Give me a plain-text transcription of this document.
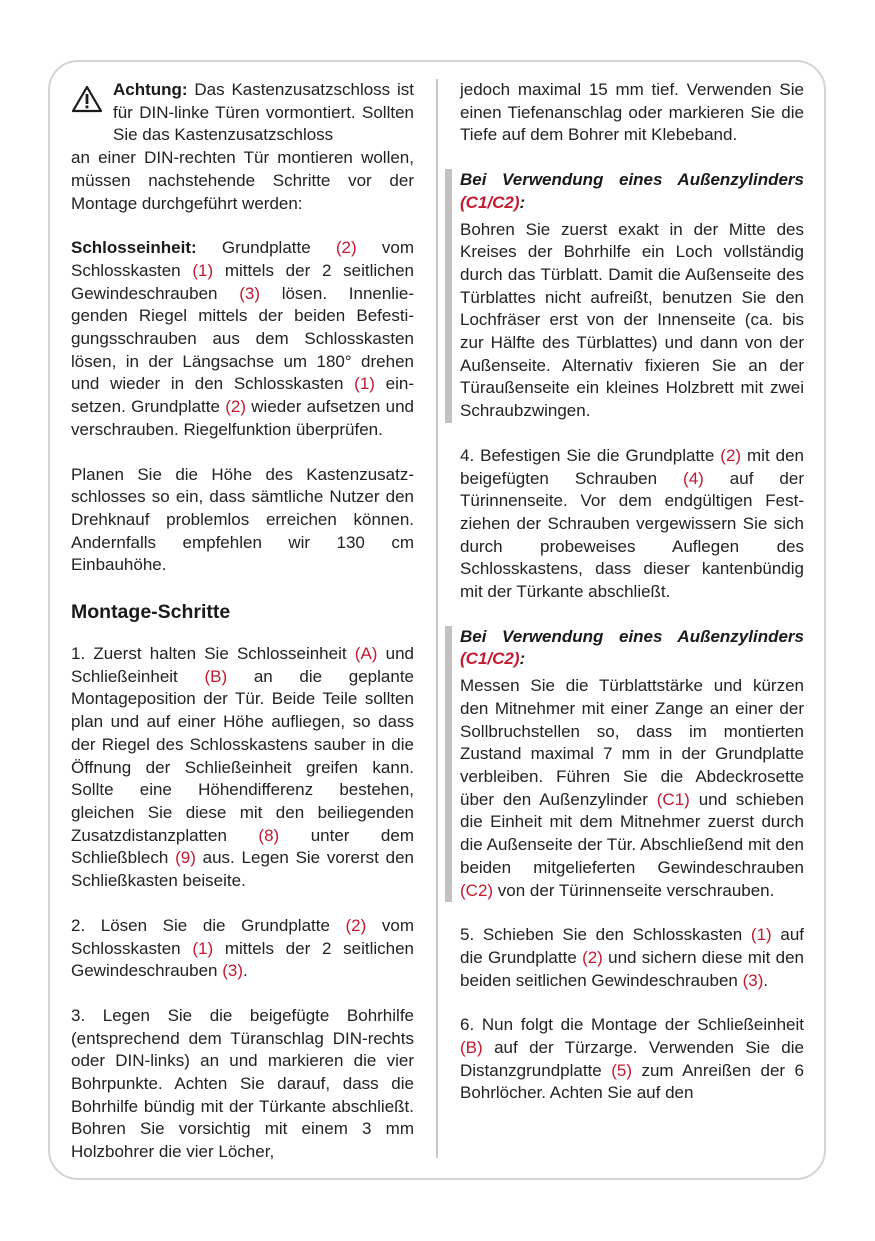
Achtung: Das Kastenzusatzschloss ist für DIN-linke Türen vormontiert. Sollten Sie das Kastenzusatzschloss
an einer DIN-rechten Tür montieren wollen, müssen nachstehende Schritte vor der Montage durchgeführt werden:

Schlosseinheit: Grundplatte (2) vom Schlosskasten (1) mittels der 2 seitlichen Gewindeschrauben (3) lösen. Innenliegenden Riegel mittels der beiden Befestigungsschrauben aus dem Schlosskasten lösen, in der Längsachse um 180° drehen und wieder in den Schlosskasten (1) einsetzen. Grundplatte (2) wieder aufsetzen und verschrauben. Riegelfunktion überprüfen.

Planen Sie die Höhe des Kastenzusatzschlosses so ein, dass sämtliche Nutzer den Drehknauf problemlos erreichen können. Andernfalls empfehlen wir 130 cm Einbauhöhe.

Montage-Schritte

1. Zuerst halten Sie Schlosseinheit (A) und Schließeinheit (B) an die geplante Montageposition der Tür. Beide Teile sollten plan und auf einer Höhe aufliegen, so dass der Riegel des Schlosskastens sauber in die Öffnung der Schließeinheit greifen kann. Sollte eine Höhendifferenz bestehen, gleichen Sie diese mit den beiliegenden Zusatzdistanzplatten (8) unter dem Schließblech (9) aus. Legen Sie vorerst den Schließkasten beiseite.

2. Lösen Sie die Grundplatte (2) vom Schlosskasten (1) mittels der 2 seitlichen Gewindeschrauben (3).

3. Legen Sie die beigefügte Bohrhilfe (entsprechend dem Türanschlag DIN-rechts oder DIN-links) an und markieren die vier Bohrpunkte. Achten Sie darauf, dass die Bohrhilfe bündig mit der Türkante abschließt. Bohren Sie vorsichtig mit einem 3 mm Holzbohrer die vier Löcher,

jedoch maximal 15 mm tief. Verwenden Sie einen Tiefenanschlag oder markieren Sie die Tiefe auf dem Bohrer mit Klebeband.

Bei Verwendung eines Außenzylinders (C1/C2):

Bohren Sie zuerst exakt in der Mitte des Kreises der Bohrhilfe ein Loch vollständig durch das Türblatt. Damit die Außenseite des Türblattes nicht aufreißt, benutzen Sie den Lochfräser erst von der Innenseite (ca. bis zur Hälfte des Türblattes) und dann von der Außenseite. Alternativ fixieren Sie an der Türaußenseite ein kleines Holzbrett mit zwei Schraubzwingen.

4. Befestigen Sie die Grundplatte (2) mit den beigefügten Schrauben (4) auf der Türinnenseite. Vor dem endgültigen Festziehen der Schrauben vergewissern Sie sich durch probeweises Auflegen des Schlosskastens, dass dieser kantenbündig mit der Türkante abschließt.

Bei Verwendung eines Außenzylinders (C1/C2):

Messen Sie die Türblattstärke und kürzen den Mitnehmer mit einer Zange an einer der Sollbruchstellen so, dass im montierten Zustand maximal 7 mm in der Grundplatte verbleiben. Führen Sie die Abdeckrosette über den Außenzylinder (C1) und schieben die Einheit mit dem Mitnehmer zuerst durch die Außenseite der Tür. Abschließend mit den beiden mitgelieferten Gewindeschrauben (C2) von der Türinnenseite verschrauben.

5. Schieben Sie den Schlosskasten (1) auf die Grundplatte (2) und sichern diese mit den beiden seitlichen Gewindeschrauben (3).

6. Nun folgt die Montage der Schließeinheit (B) auf der Türzarge. Verwenden Sie die Distanzgrundplatte (5) zum Anreißen der 6 Bohrlöcher. Achten Sie auf den
